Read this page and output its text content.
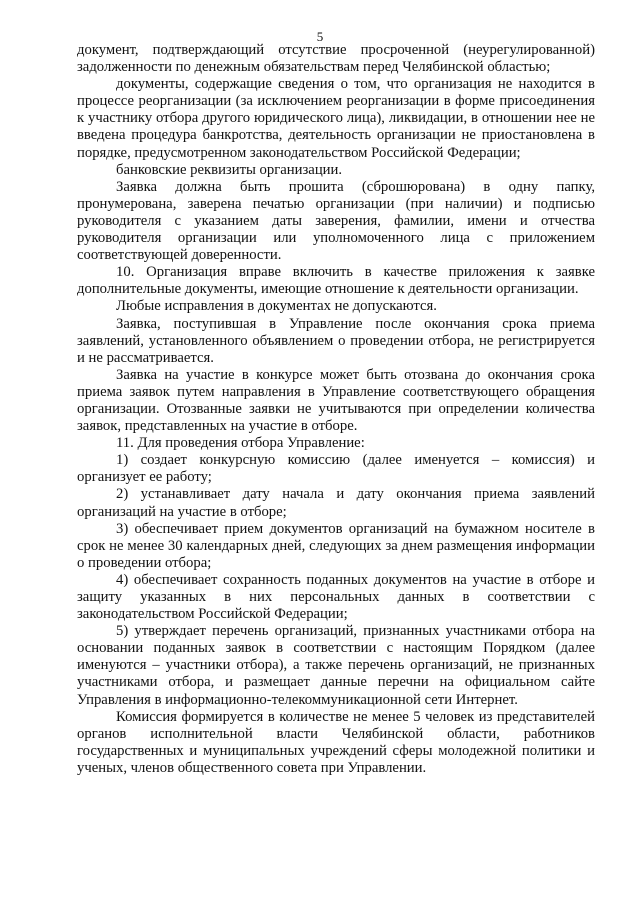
5

документ, подтверждающий отсутствие просроченной (неурегулированной) задолженности по денежным обязательствам перед Челябинской областью;

документы, содержащие сведения о том, что организация не находится в процессе реорганизации (за исключением реорганизации в форме присоединения к участнику отбора другого юридического лица), ликвидации, в отношении нее не введена процедура банкротства, деятельность организации не приостановлена в порядке, предусмотренном законодательством Российской Федерации;

банковские реквизиты организации.

Заявка должна быть прошита (сброшюрована) в одну папку, пронумерована, заверена печатью организации (при наличии) и подписью руководителя с указанием даты заверения, фамилии, имени и отчества руководителя организации или уполномоченного лица с приложением соответствующей доверенности.

10. Организация вправе включить в качестве приложения к заявке дополнительные документы, имеющие отношение к деятельности организации.

Любые исправления в документах не допускаются.

Заявка, поступившая в Управление после окончания срока приема заявлений, установленного объявлением о проведении отбора, не регистрируется и не рассматривается.

Заявка на участие в конкурсе может быть отозвана до окончания срока приема заявок путем направления в Управление соответствующего обращения организации. Отозванные заявки не учитываются при определении количества заявок, представленных на участие в отборе.

11. Для проведения отбора Управление:

1) создает конкурсную комиссию (далее именуется – комиссия) и организует ее работу;

2) устанавливает дату начала и дату окончания приема заявлений организаций на участие в отборе;

3) обеспечивает прием документов организаций на бумажном носителе в срок не менее 30 календарных дней, следующих за днем размещения информации о проведении отбора;

4) обеспечивает сохранность поданных документов на участие в отборе и защиту указанных в них персональных данных в соответствии с законодательством Российской Федерации;

5) утверждает перечень организаций, признанных участниками отбора на основании поданных заявок в соответствии с настоящим Порядком (далее именуются – участники отбора), а также перечень организаций, не признанных участниками отбора, и размещает данные перечни на официальном сайте Управления в информационно-телекоммуникационной сети Интернет.

Комиссия формируется в количестве не менее 5 человек из представителей органов исполнительной власти Челябинской области, работников государственных и муниципальных учреждений сферы молодежной политики и ученых, членов общественного совета при Управлении.
